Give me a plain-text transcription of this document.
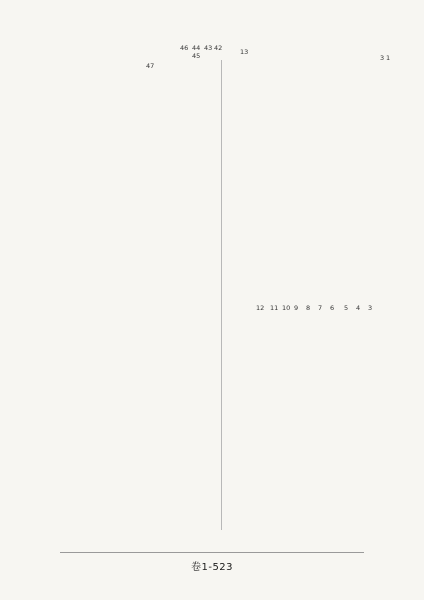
46
47
44
45
43 42
3 1
3
4
5
6
7
8
9
10
11
12
13
卷1-523
